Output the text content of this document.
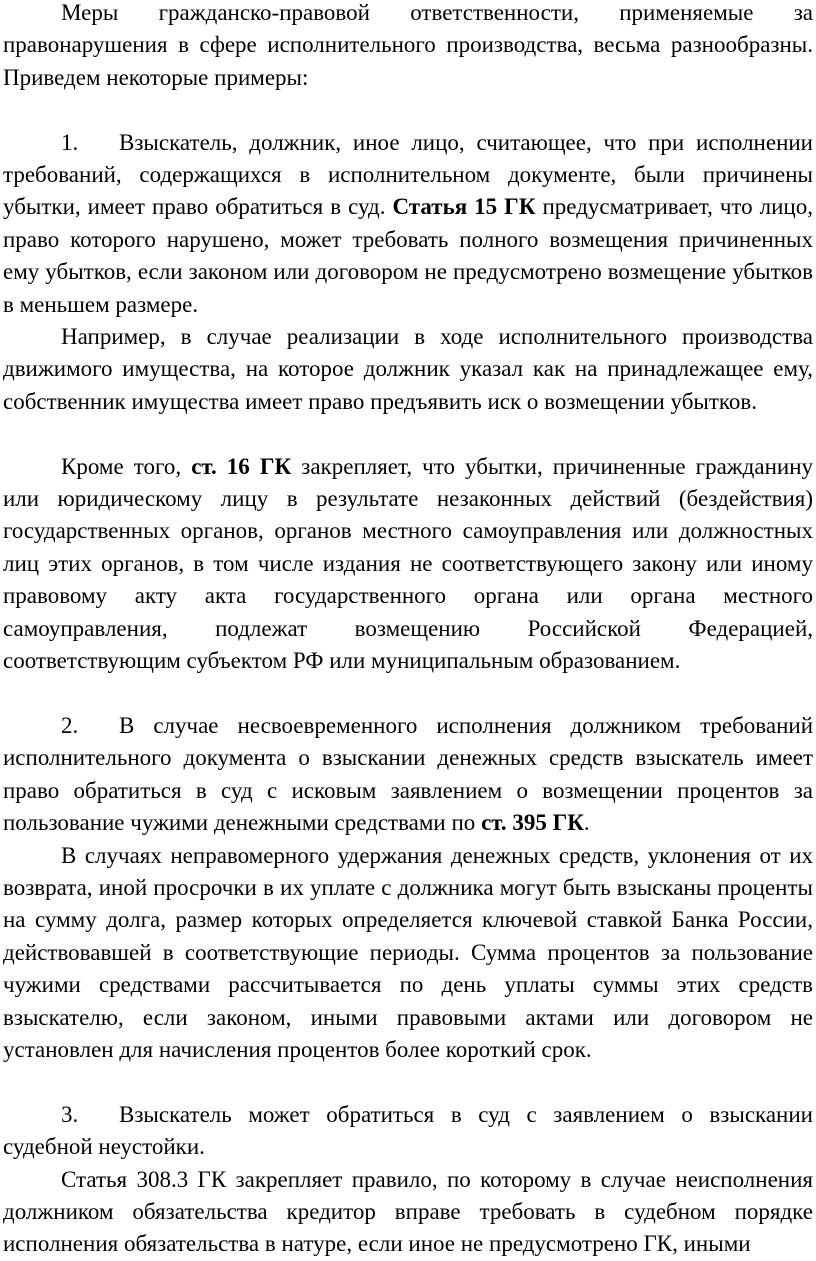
Меры гражданско-правовой ответственности, применяемые за правонарушения в сфере исполнительного производства, весьма разнообразны. Приведем некоторые примеры:

1. Взыскатель, должник, иное лицо, считающее, что при исполнении требований, содержащихся в исполнительном документе, были причинены убытки, имеет право обратиться в суд. Статья 15 ГК предусматривает, что лицо, право которого нарушено, может требовать полного возмещения причиненных ему убытков, если законом или договором не предусмотрено возмещение убытков в меньшем размере.

Например, в случае реализации в ходе исполнительного производства движимого имущества, на которое должник указал как на принадлежащее ему, собственник имущества имеет право предъявить иск о возмещении убытков.

Кроме того, ст. 16 ГК закрепляет, что убытки, причиненные гражданину или юридическому лицу в результате незаконных действий (бездействия) государственных органов, органов местного самоуправления или должностных лиц этих органов, в том числе издания не соответствующего закону или иному правовому акту акта государственного органа или органа местного самоуправления, подлежат возмещению Российской Федерацией, соответствующим субъектом РФ или муниципальным образованием.

2. В случае несвоевременного исполнения должником требований исполнительного документа о взыскании денежных средств взыскатель имеет право обратиться в суд с исковым заявлением о возмещении процентов за пользование чужими денежными средствами по ст. 395 ГК.

В случаях неправомерного удержания денежных средств, уклонения от их возврата, иной просрочки в их уплате с должника могут быть взысканы проценты на сумму долга, размер которых определяется ключевой ставкой Банка России, действовавшей в соответствующие периоды. Сумма процентов за пользование чужими средствами рассчитывается по день уплаты суммы этих средств взыскателю, если законом, иными правовыми актами или договором не установлен для начисления процентов более короткий срок.

3. Взыскатель может обратиться в суд с заявлением о взыскании судебной неустойки.

Статья 308.3 ГК закрепляет правило, по которому в случае неисполнения должником обязательства кредитор вправе требовать в судебном порядке исполнения обязательства в натуре, если иное не предусмотрено ГК, иными
